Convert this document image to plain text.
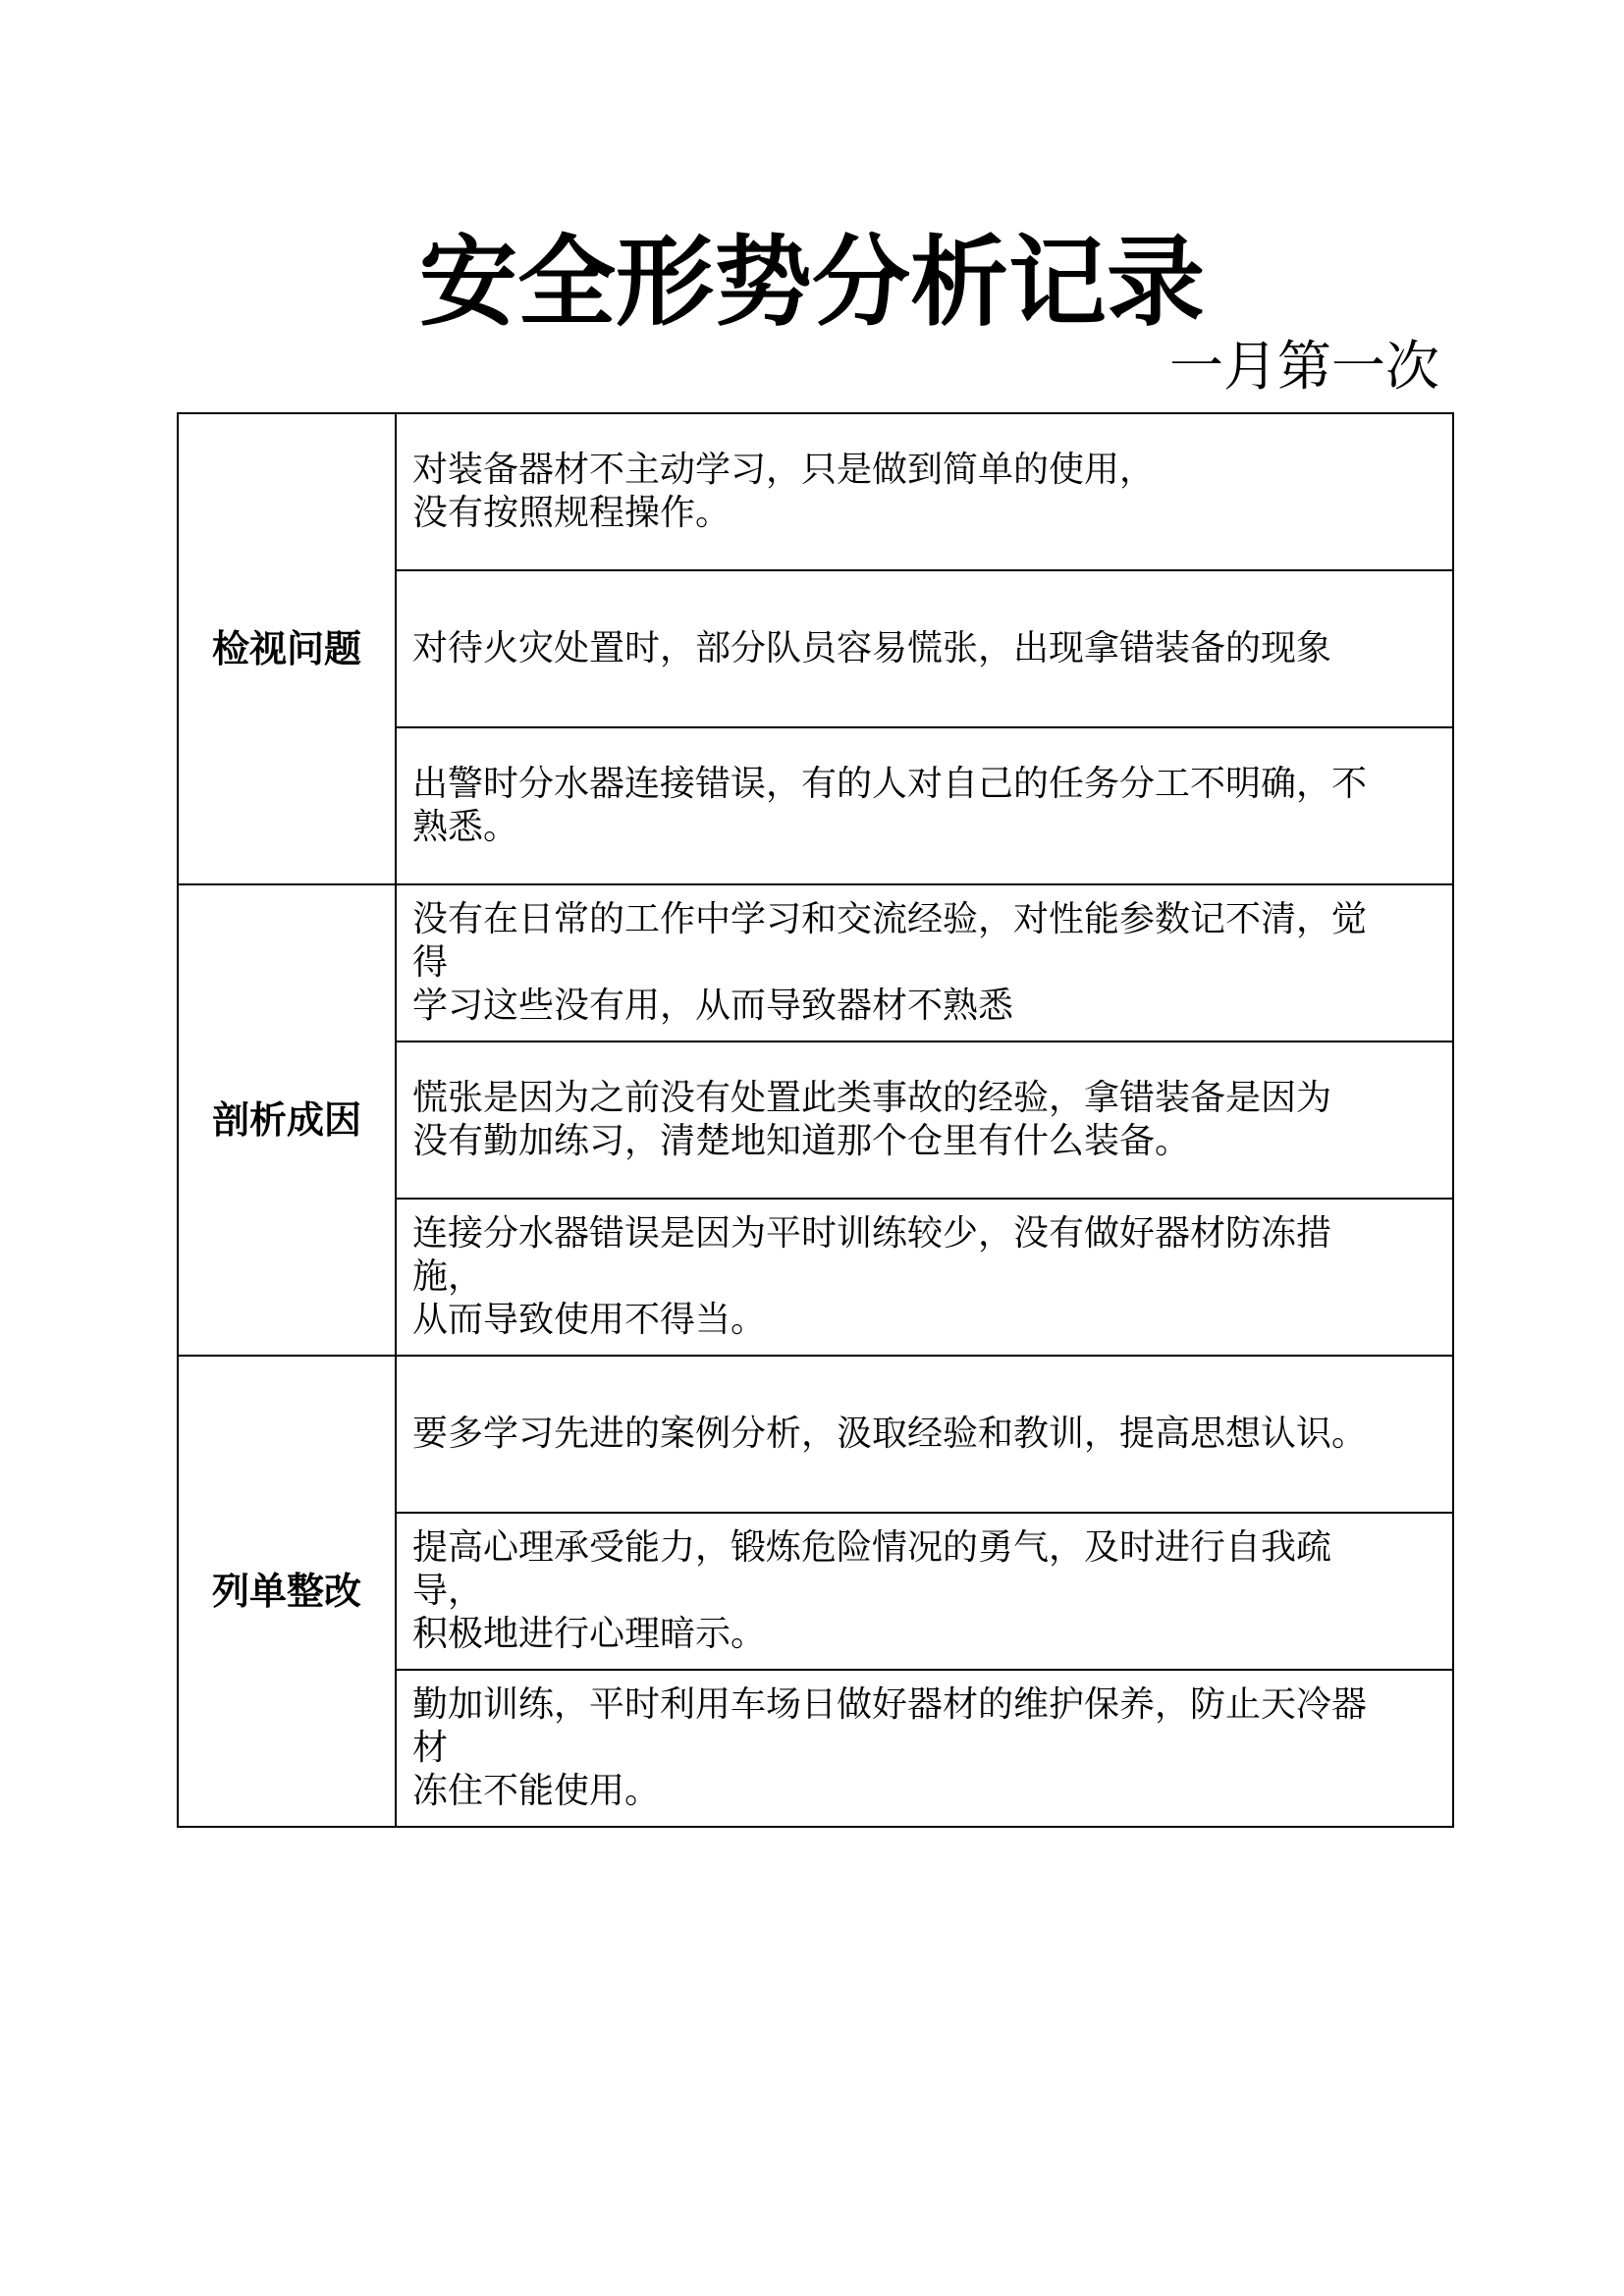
安全形势分析记录
一月第一次
检视问题	对装备器材不主动学习，只是做到简单的使用，
没有按照规程操作。
	对待火灾处置时，部分队员容易慌张，出现拿错装备的现象
	出警时分水器连接错误，有的人对自己的任务分工不明确，不
熟悉。
剖析成因	没有在日常的工作中学习和交流经验，对性能参数记不清，觉
得
学习这些没有用，从而导致器材不熟悉
	慌张是因为之前没有处置此类事故的经验，拿错装备是因为
没有勤加练习，清楚地知道那个仓里有什么装备。
	连接分水器错误是因为平时训练较少，没有做好器材防冻措
施，
从而导致使用不得当。
列单整改	要多学习先进的案例分析，汲取经验和教训，提高思想认识。
	提高心理承受能力，锻炼危险情况的勇气，及时进行自我疏
导，
积极地进行心理暗示。
	勤加训练，平时利用车场日做好器材的维护保养，防止天冷器
材
冻住不能使用。
